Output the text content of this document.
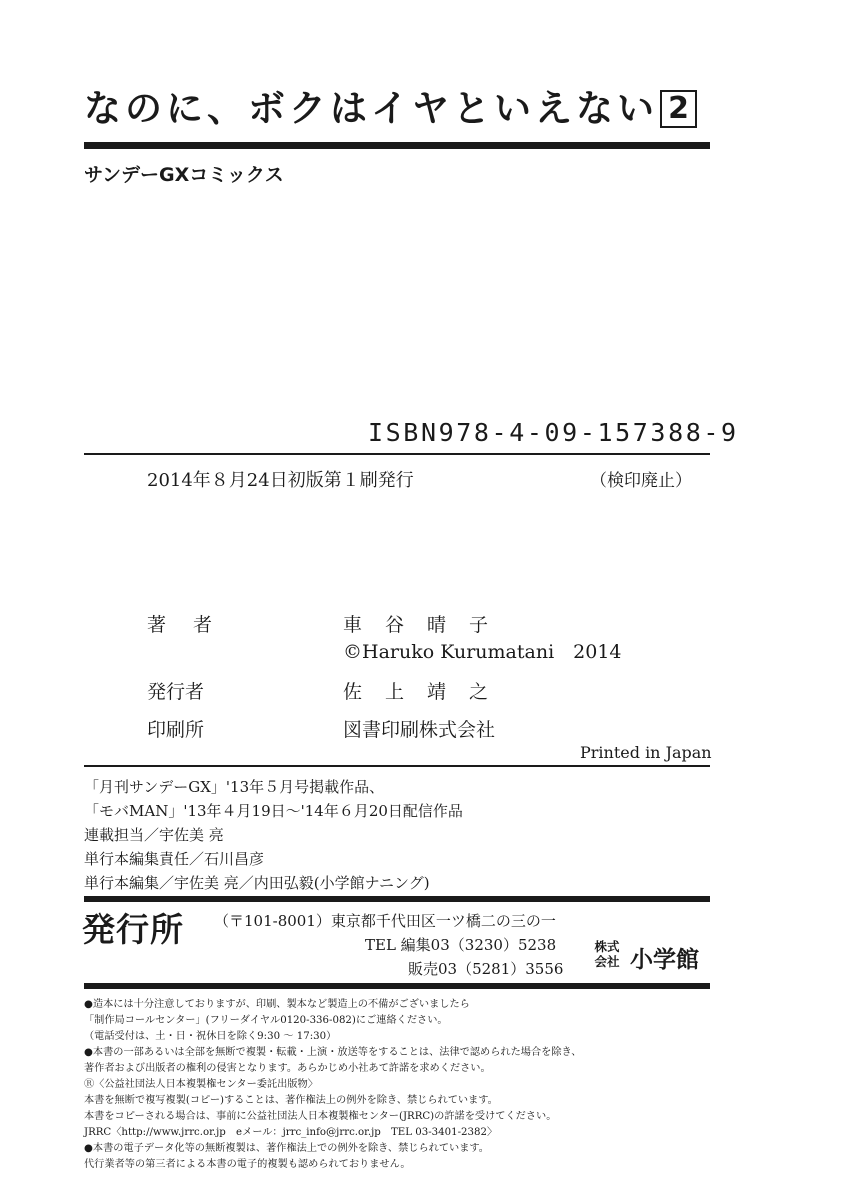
なのに、ボクはイヤといえない 2
サンデーGXコミックス
ISBN978-4-09-157388-9
2014年８月24日初版第１刷発行	（検印廃止）
著　者	車　谷　晴　子
©Haruko Kurumatani　2014
発行者	佐　上　靖　之
印刷所	図書印刷株式会社
Printed in Japan
「月刊サンデーGX」'13年５月号掲載作品、
「モバMAN」'13年４月19日～'14年６月20日配信作品
連載担当／宇佐美 亮
単行本編集責任／石川昌彦
単行本編集／宇佐美 亮／内田弘毅(小学館ナニング)
発行所 （〒101-8001）東京都千代田区一ツ橋二の三の一
TEL 編集03（3230）5238
販売03（5281）3556
株式会社 小学館
●造本には十分注意しておりますが、印刷、製本など製造上の不備がございましたら
「制作局コールセンター」(フリーダイヤル0120-336-082)にご連絡ください。
（電話受付は、土・日・祝休日を除く9:30 ～ 17:30）
●本書の一部あるいは全部を無断で複製・転載・上演・放送等をすることは、法律で認められた場合を除き、
著作者および出版者の権利の侵害となります。あらかじめ小社あて許諾を求めください。
Ⓡ〈公益社団法人日本複製権センター委託出版物〉
本書を無断で複写複製(コピー)することは、著作権法上の例外を除き、禁じられています。
本書をコピーされる場合は、事前に公益社団法人日本複製権センター(JRRC)の許諾を受けてください。
JRRC〈http://www.jrrc.or.jp　eメール：jrrc_info@jrrc.or.jp　TEL 03-3401-2382〉
●本書の電子データ化等の無断複製は、著作権法上での例外を除き、禁じられています。
代行業者等の第三者による本書の電子的複製も認められておりません。
